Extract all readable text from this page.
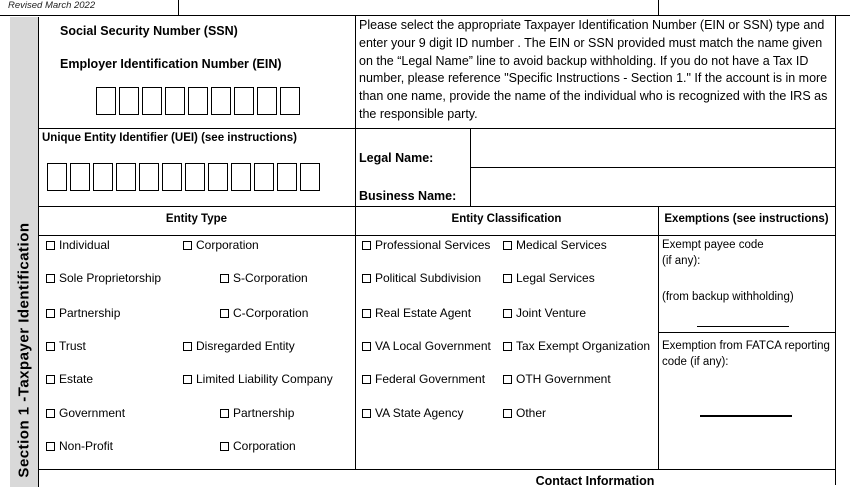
Revised March 2022
Section 1 -Taxpayer Identification
Social Security Number (SSN)
Employer Identification Number (EIN)
Please select the appropriate Taxpayer Identification Number (EIN or SSN) type and enter your 9 digit ID number . The EIN or SSN provided must match the name given on the “Legal Name” line to avoid backup withholding. If you do not have a Tax ID number, please reference "Specific Instructions - Section 1." If the account is in more than one name, provide the name of the individual who is recognized with the IRS as the responsible party.
Unique Entity Identifier (UEI) (see instructions)
Legal Name:
Business Name:
Entity Type	Entity Classification	Exemptions (see instructions)
Individual	Corporation
Sole Proprietorship	S-Corporation
Partnership	C-Corporation
Trust	Disregarded Entity
Estate	Limited Liability Company
Government	Partnership
Non-Profit	Corporation
Professional Services	Medical Services
Political Subdivision	Legal Services
Real Estate Agent	Joint Venture
VA Local Government	Tax Exempt Organization
Federal Government	OTH Government
VA State Agency	Other
Exempt payee code
(if any):
(from backup withholding)
Exemption from FATCA reporting
code (if any):
Contact Information
